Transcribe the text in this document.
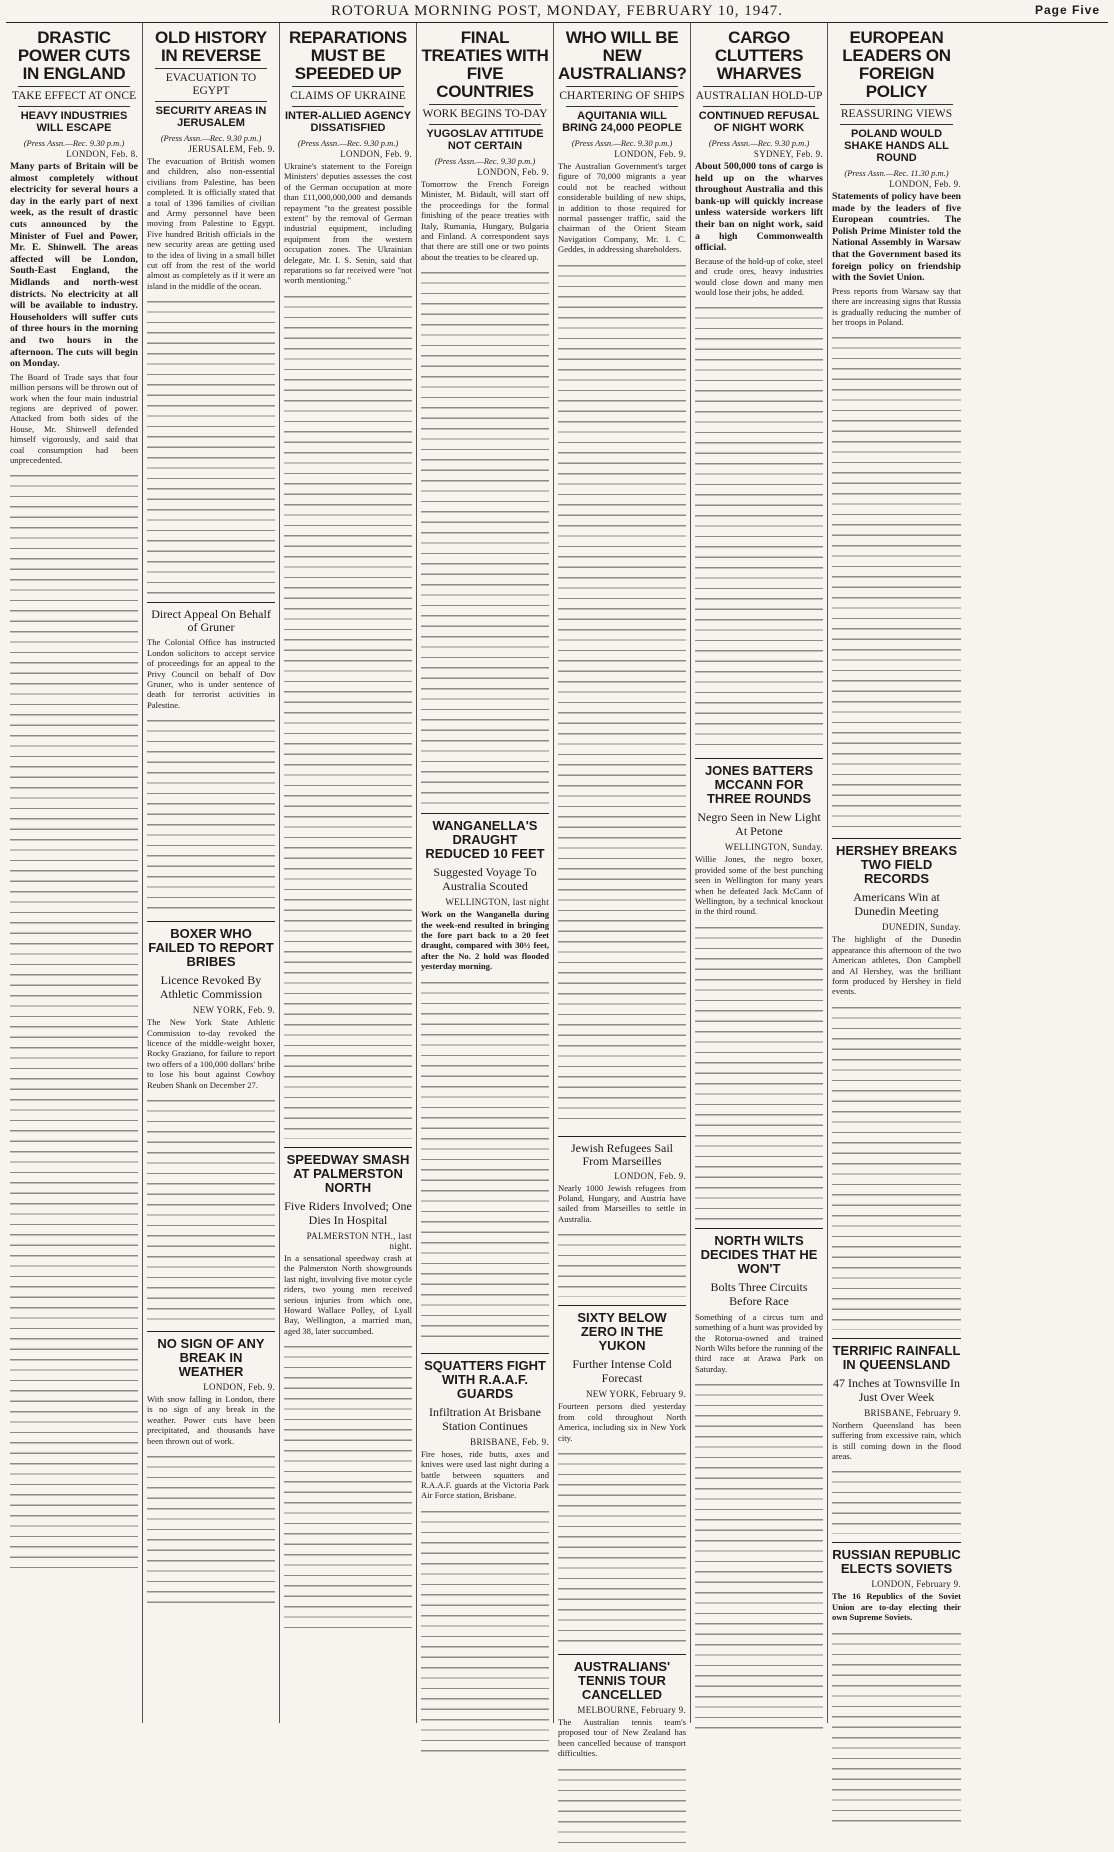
ROTORUA MORNING POST, MONDAY, FEBRUARY 10, 1947.	Page Five
DRASTIC POWER CUTS IN ENGLAND
TAKE EFFECT AT ONCE
HEAVY INDUSTRIES WILL ESCAPE
(Press Assn.—Rec. 9.30 p.m.)
LONDON, Feb. 8.

Many parts of Britain will be almost completely without electricity for several hours a day in the early part of next week, as the result of drastic cuts announced by the Minister of Fuel and Power, Mr. E. Shinwell. The areas affected will be London, South-East England, the Midlands and north-west districts. No electricity at all will be available to industry. Householders will suffer cuts of three hours in the morning and two hours in the afternoon. The cuts will begin on Monday.

The Board of Trade says that four million persons will be thrown out of work when the four main industrial regions are deprived of power. Attacked from both sides of the House, Mr. Shinwell defended himself vigorously, and said that coal consumption had been unprecedented.

OLD HISTORY IN REVERSE
EVACUATION TO EGYPT
SECURITY AREAS IN JERUSALEM
(Press Assn.—Rec. 9.30 p.m.)
JERUSALEM, Feb. 9.

The evacuation of British women and children, also non-essential civilians from Palestine, has been completed. It is officially stated that a total of 1396 families of civilian and Army personnel have been moving from Palestine to Egypt. Five hundred British officials in the new security areas are getting used to the idea of living in a small billet cut off from the rest of the world almost as completely as if it were an island in the middle of the ocean.

Direct Appeal On Behalf of Gruner

The Colonial Office has instructed London solicitors to accept service of proceedings for an appeal to the Privy Council on behalf of Dov Gruner, who is under sentence of death for terrorist activities in Palestine.

BOXER WHO FAILED TO REPORT BRIBES
Licence Revoked By Athletic Commission
NEW YORK, Feb. 9.

The New York State Athletic Commission to-day revoked the licence of the middle-weight boxer, Rocky Graziano, for failure to report two offers of a 100,000 dollars' bribe to lose his bout against Cowboy Reuben Shank on December 27.

NO SIGN OF ANY BREAK IN WEATHER
LONDON, Feb. 9.

With snow falling in London, there is no sign of any break in the weather. Power cuts have been precipitated, and thousands have been thrown out of work.

REPARATIONS MUST BE SPEEDED UP
CLAIMS OF UKRAINE
INTER-ALLIED AGENCY DISSATISFIED
(Press Assn.—Rec. 9.30 p.m.)
LONDON, Feb. 9.

Ukraine's statement to the Foreign Ministers' deputies assesses the cost of the German occupation at more than £11,000,000,000 and demands repayment "to the greatest possible extent" by the removal of German industrial equipment, including equipment from the western occupation zones. The Ukrainian delegate, Mr. I. S. Senin, said that reparations so far received were "not worth mentioning."

SPEEDWAY SMASH AT PALMERSTON NORTH
Five Riders Involved; One Dies In Hospital
PALMERSTON NTH., last night.

In a sensational speedway crash at the Palmerston North showgrounds last night, involving five motor cycle riders, two young men received serious injuries from which one, Howard Wallace Polley, of Lyall Bay, Wellington, a married man, aged 38, later succumbed.

FINAL TREATIES WITH FIVE COUNTRIES
WORK BEGINS TO-DAY
YUGOSLAV ATTITUDE NOT CERTAIN
(Press Assn.—Rec. 9.30 p.m.)
LONDON, Feb. 9.

Tomorrow the French Foreign Minister, M. Bidault, will start off the proceedings for the formal finishing of the peace treaties with Italy, Rumania, Hungary, Bulgaria and Finland. A correspondent says that there are still one or two points about the treaties to be cleared up.

WANGANELLA'S DRAUGHT REDUCED 10 FEET
Suggested Voyage To Australia Scouted
WELLINGTON, last night

Work on the Wanganella during the week-end resulted in bringing the fore part back to a 20 feet draught, compared with 30½ feet, after the No. 2 hold was flooded yesterday morning.

SQUATTERS FIGHT WITH R.A.A.F. GUARDS
Infiltration At Brisbane Station Continues
BRISBANE, Feb. 9.

Fire hoses, ride butts, axes and knives were used last night during a battle between squatters and R.A.A.F. guards at the Victoria Park Air Force station, Brisbane.

WHO WILL BE NEW AUSTRALIANS?
CHARTERING OF SHIPS
AQUITANIA WILL BRING 24,000 PEOPLE
(Press Assn.—Rec. 9.30 p.m.)
LONDON, Feb. 9.

The Australian Government's target figure of 70,000 migrants a year could not be reached without considerable building of new ships, in addition to those required for normal passenger traffic, said the chairman of the Orient Steam Navigation Company, Mr. I. C. Geddes, in addressing shareholders.

Jewish Refugees Sail From Marseilles
LONDON, Feb. 9.

Nearly 1000 Jewish refugees from Poland, Hungary, and Austria have sailed from Marseilles to settle in Australia.

SIXTY BELOW ZERO IN THE YUKON
Further Intense Cold Forecast
NEW YORK, February 9.

Fourteen persons died yesterday from cold throughout North America, including six in New York city.

AUSTRALIANS' TENNIS TOUR CANCELLED
MELBOURNE, February 9.

The Australian tennis team's proposed tour of New Zealand has been cancelled because of transport difficulties.

CARGO CLUTTERS WHARVES
AUSTRALIAN HOLD-UP
CONTINUED REFUSAL OF NIGHT WORK
(Press Assn.—Rec. 9.30 p.m.)
SYDNEY, Feb. 9.

About 500,000 tons of cargo is held up on the wharves throughout Australia and this bank-up will quickly increase unless waterside workers lift their ban on night work, said a high Commonwealth official.

Because of the hold-up of coke, steel and crude ores, heavy industries would close down and many men would lose their jobs, he added.

JONES BATTERS MCCANN FOR THREE ROUNDS
Negro Seen in New Light At Petone
WELLINGTON, Sunday.

Willie Jones, the negro boxer, provided some of the best punching seen in Wellington for many years when he defeated Jack McCann of Wellington, by a technical knockout in the third round.

NORTH WILTS DECIDES THAT HE WON'T
Bolts Three Circuits Before Race

Something of a circus turn and something of a hunt was provided by the Rotorua-owned and trained North Wilts before the running of the third race at Arawa Park on Saturday.

EUROPEAN LEADERS ON FOREIGN POLICY
REASSURING VIEWS
POLAND WOULD SHAKE HANDS ALL ROUND
(Press Assn.—Rec. 11.30 p.m.)
LONDON, Feb. 9.

Statements of policy have been made by the leaders of five European countries. The Polish Prime Minister told the National Assembly in Warsaw that the Government based its foreign policy on friendship with the Soviet Union.

Press reports from Warsaw say that there are increasing signs that Russia is gradually reducing the number of her troops in Poland.

HERSHEY BREAKS TWO FIELD RECORDS
Americans Win at Dunedin Meeting
DUNEDIN, Sunday.

The highlight of the Dunedin appearance this afternoon of the two American athletes, Don Campbell and Al Hershey, was the brilliant form produced by Hershey in field events.

TERRIFIC RAINFALL IN QUEENSLAND
47 Inches at Townsville In Just Over Week
BRISBANE, February 9.

Northern Queensland has been suffering from excessive rain, which is still coming down in the flood areas.

RUSSIAN REPUBLIC ELECTS SOVIETS
LONDON, February 9.

The 16 Republics of the Soviet Union are to-day electing their own Supreme Soviets.
